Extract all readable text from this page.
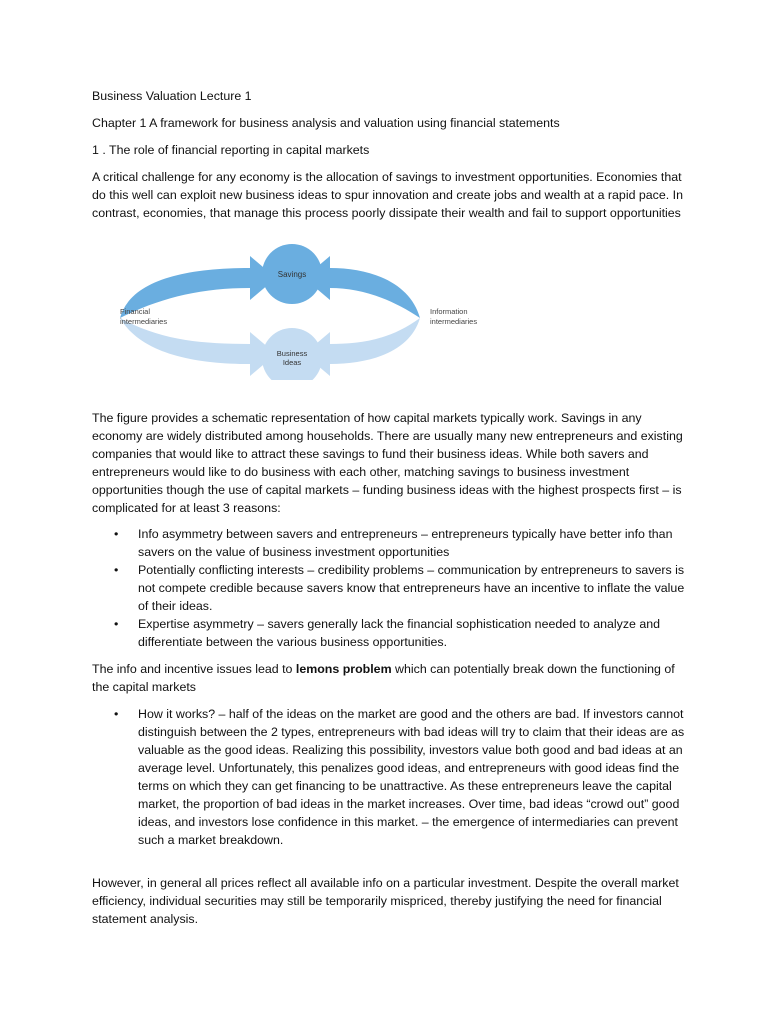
Business Valuation Lecture 1
Chapter 1 A framework for business analysis and valuation using financial statements
1 . The role of financial reporting in capital markets

A critical challenge for any economy is the allocation of savings to investment opportunities. Economies that do this well can exploit new business ideas to spur innovation and create jobs and wealth at a rapid pace. In contrast, economies, that manage this process poorly dissipate their wealth and fail to support opportunities

Savings
Business
Ideas
Financial
intermediaries
Information
intermediaries

The figure provides a schematic representation of how capital markets typically work. Savings in any economy are widely distributed among households. There are usually many new entrepreneurs and existing companies that would like to attract these savings to fund their business ideas. While both savers and entrepreneurs would like to do business with each other, matching savings to business investment opportunities though the use of capital markets – funding business ideas with the highest prospects first – is complicated for at least 3 reasons:

• Info asymmetry between savers and entrepreneurs – entrepreneurs typically have better info than savers on the value of business investment opportunities
• Potentially conflicting interests – credibility problems – communication by entrepreneurs to savers is not compete credible because savers know that entrepreneurs have an incentive to inflate the value of their ideas.
• Expertise asymmetry – savers generally lack the financial sophistication needed to analyze and differentiate between the various business opportunities.

The info and incentive issues lead to lemons problem which can potentially break down the functioning of the capital markets

• How it works? – half of the ideas on the market are good and the others are bad. If investors cannot distinguish between the 2 types, entrepreneurs with bad ideas will try to claim that their ideas are as valuable as the good ideas. Realizing this possibility, investors value both good and bad ideas at an average level. Unfortunately, this penalizes good ideas, and entrepreneurs with good ideas find the terms on which they can get financing to be unattractive. As these entrepreneurs leave the capital market, the proportion of bad ideas in the market increases. Over time, bad ideas “crowd out” good ideas, and investors lose confidence in this market. – the emergence of intermediaries can prevent such a market breakdown.

However, in general all prices reflect all available info on a particular investment. Despite the overall market efficiency, individual securities may still be temporarily mispriced, thereby justifying the need for financial statement analysis.
